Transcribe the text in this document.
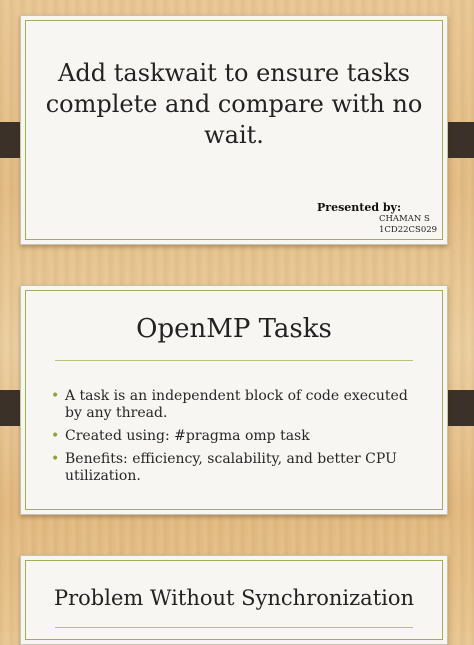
Add taskwait to ensure tasks complete and compare with no wait.
Presented by:
CHAMAN S
1CD22CS029
OpenMP Tasks
• A task is an independent block of code executed by any thread.
• Created using: #pragma omp task
• Benefits: efficiency, scalability, and better CPU utilization.
Problem Without Synchronization
